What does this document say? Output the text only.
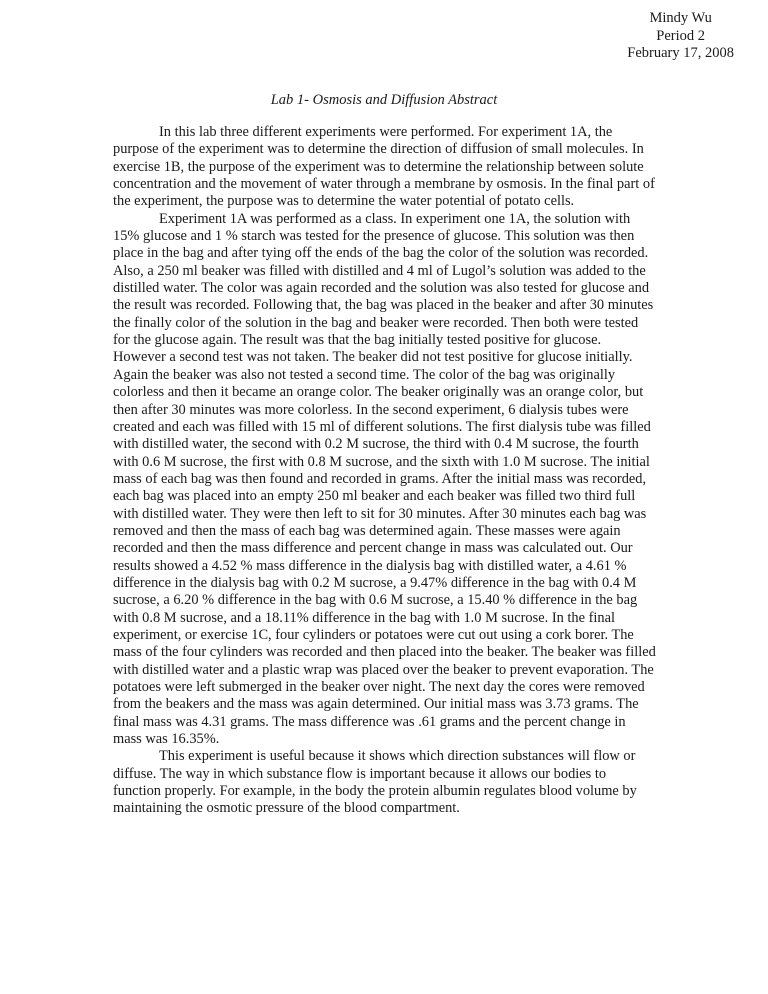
Mindy Wu
Period 2
February 17, 2008
Lab 1- Osmosis and Diffusion Abstract

In this lab three different experiments were performed. For experiment 1A, the purpose of the experiment was to determine the direction of diffusion of small molecules. In exercise 1B, the purpose of the experiment was to determine the relationship between solute concentration and the movement of water through a membrane by osmosis. In the final part of the experiment, the purpose was to determine the water potential of potato cells.

Experiment 1A was performed as a class. In experiment one 1A, the solution with 15% glucose and 1 % starch was tested for the presence of glucose. This solution was then place in the bag and after tying off the ends of the bag the color of the solution was recorded. Also, a 250 ml beaker was filled with distilled and 4 ml of Lugol’s solution was added to the distilled water. The color was again recorded and the solution was also tested for glucose and the result was recorded. Following that, the bag was placed in the beaker and after 30 minutes the finally color of the solution in the bag and beaker were recorded. Then both were tested for the glucose again. The result was that the bag initially tested positive for glucose. However a second test was not taken. The beaker did not test positive for glucose initially. Again the beaker was also not tested a second time. The color of the bag was originally colorless and then it became an orange color. The beaker originally was an orange color, but then after 30 minutes was more colorless. In the second experiment, 6 dialysis tubes were created and each was filled with 15 ml of different solutions. The first dialysis tube was filled with distilled water, the second with 0.2 M sucrose, the third with 0.4 M sucrose, the fourth with 0.6 M sucrose, the first with 0.8 M sucrose, and the sixth with 1.0 M sucrose. The initial mass of each bag was then found and recorded in grams. After the initial mass was recorded, each bag was placed into an empty 250 ml beaker and each beaker was filled two third full with distilled water. They were then left to sit for 30 minutes. After 30 minutes each bag was removed and then the mass of each bag was determined again. These masses were again recorded and then the mass difference and percent change in mass was calculated out. Our results showed a 4.52 % mass difference in the dialysis bag with distilled water, a 4.61 % difference in the dialysis bag with 0.2 M sucrose, a 9.47% difference in the bag with 0.4 M sucrose, a 6.20 % difference in the bag with 0.6 M sucrose, a 15.40 % difference in the bag with 0.8 M sucrose, and a 18.11% difference in the bag with 1.0 M sucrose. In the final experiment, or exercise 1C, four cylinders or potatoes were cut out using a cork borer. The mass of the four cylinders was recorded and then placed into the beaker. The beaker was filled with distilled water and a plastic wrap was placed over the beaker to prevent evaporation. The potatoes were left submerged in the beaker over night. The next day the cores were removed from the beakers and the mass was again determined. Our initial mass was 3.73 grams. The final mass was 4.31 grams. The mass difference was .61 grams and the percent change in mass was 16.35%.

This experiment is useful because it shows which direction substances will flow or diffuse. The way in which substance flow is important because it allows our bodies to function properly. For example, in the body the protein albumin regulates blood volume by maintaining the osmotic pressure of the blood compartment.
